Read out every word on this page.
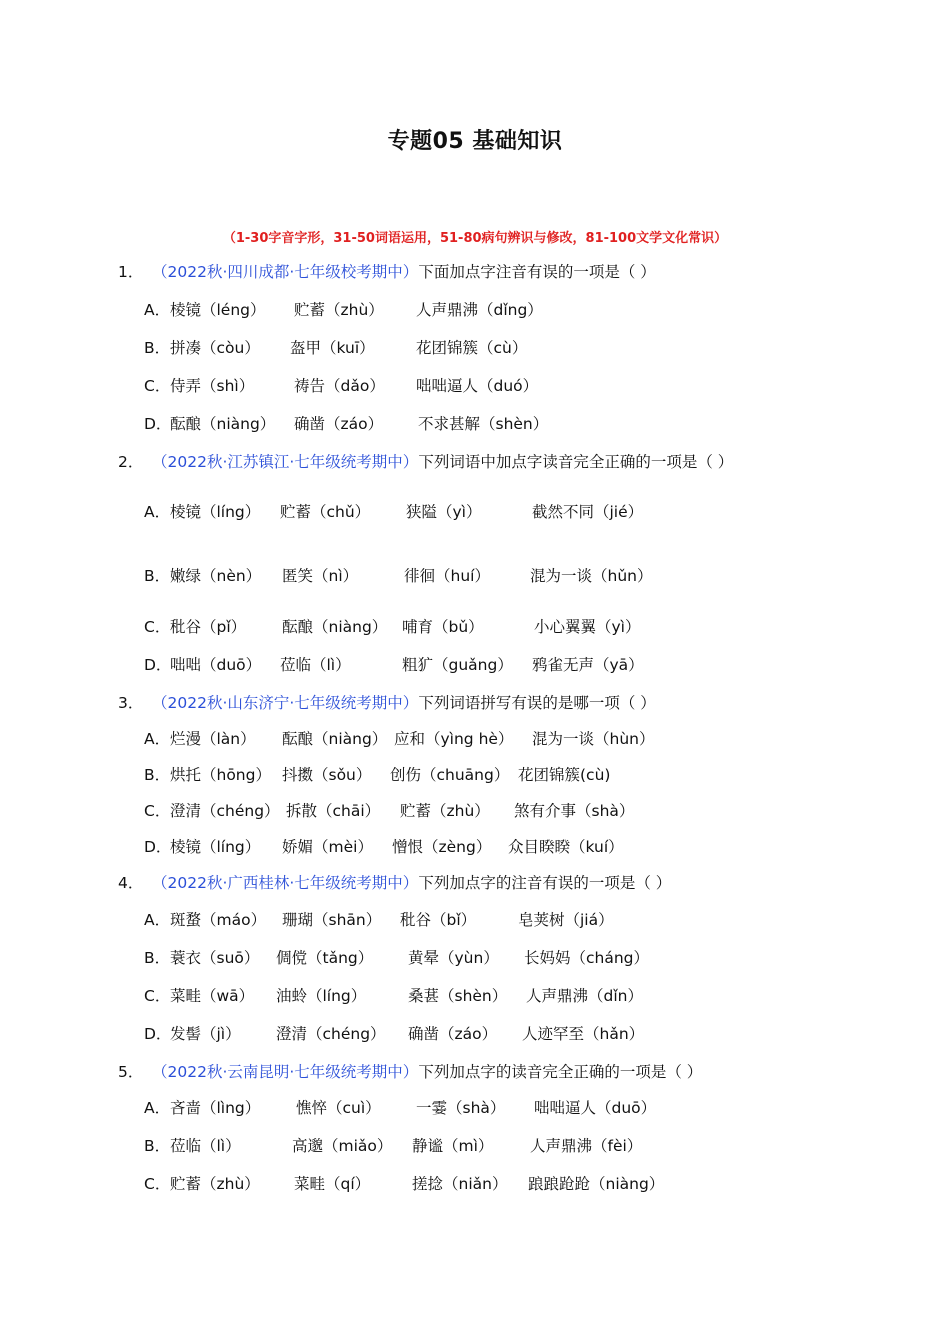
专题05 基础知识
（1-30字音字形，31-50词语运用，51-80病句辨识与修改，81-100文学文化常识）
1． （2022秋·四川成都·七年级校考期中）下面加点字注音有误的一项是（ ）
A． 棱镜（léng） 贮蓄（zhù） 人声鼎沸（dǐng）
B． 拼凑（còu） 盔甲（kuī）	花团锦簇（cù）
C． 侍弄（shì）	祷告（dǎo） 咄咄逼人（duó）
D．
酝酿（niàng） 确凿（záo） 不求甚解（shèn）
2． （2022秋·江苏镇江·七年级统考期中）下列词语中加点字读音完全正确的一项是（ ）
A． 棱镜（líng） 贮蓄（chǔ） 狭隘（yì）	截然不同（jié）
B． 嫩绿（nèn） 匿笑（nì）	徘徊（huí）	混为一谈（hǔn）
C． 秕谷（pǐ） 酝酿（niàng） 哺育（bǔ）	小心翼翼（yì）
D．
咄咄（duō） 莅临（lì）	粗犷（guǎng） 鸦雀无声（yā）
3． （2022秋·山东济宁·七年级统考期中）下列词语拼写有误的是哪一项（ ）
A． 烂漫（làn） 酝酿（niàng） 应和（yìng hè） 混为一谈（hùn）
B． 烘托（hōng） 抖擞（sǒu） 创伤（chuāng） 花团锦簇(cù)
C． 澄清（chéng） 拆散（chāi） 贮蓄（zhù） 煞有介事（shà）
D．
棱镜（líng） 娇媚（mèi） 憎恨（zèng） 众目睽睽（kuí）
4． （2022秋·广西桂林·七年级统考期中）下列加点字的注音有误的一项是（ ）
A． 斑蝥（máo） 珊瑚（shān） 秕谷（bǐ）	皂荚树（jiá）
B． 蓑衣（suō） 倜傥（tǎng） 黄晕（yùn） 长妈妈（cháng）
C． 菜畦（wā） 油蛉（líng）	桑葚（shèn） 人声鼎沸（dǐn）
D．
发髻（jì） 澄清（chéng） 确凿（záo） 人迹罕至（hǎn）
5． （2022秋·云南昆明·七年级统考期中）下列加点字的读音完全正确的一项是（ ）
A． 吝啬（lìng） 憔悴（cuì） 一霎（shà） 咄咄逼人（duō）
B． 莅临（lì）	高邈（miǎo） 静谧（mì） 人声鼎沸（fèi）
C． 贮蓄（zhù） 菜畦（qí）	搓捻（niǎn） 踉踉跄跄（niàng）
